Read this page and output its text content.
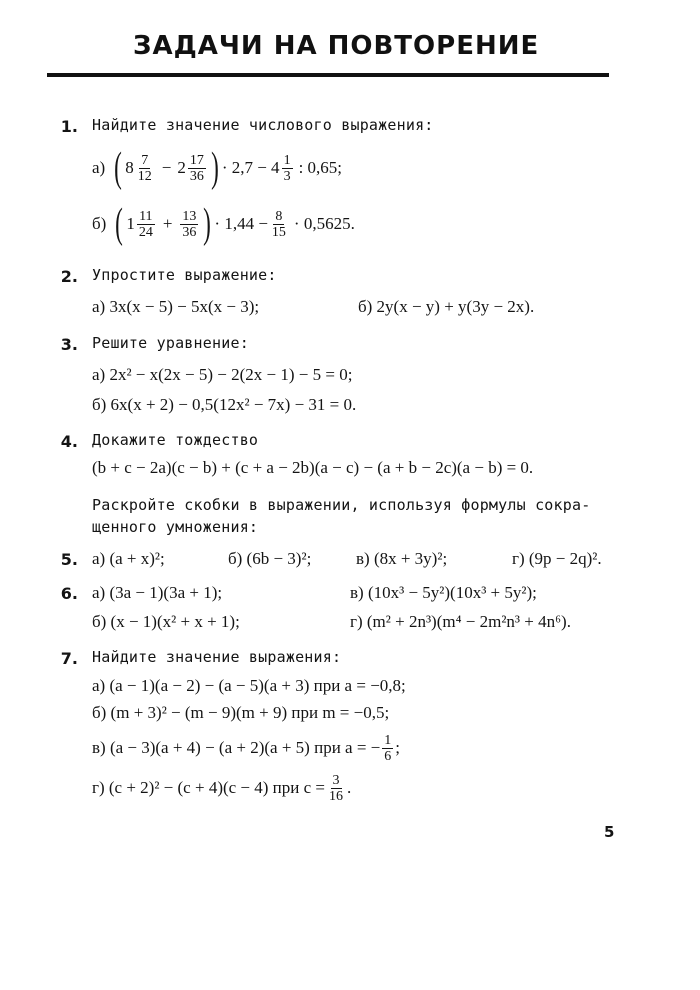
ЗАДАЧИ НА ПОВТОРЕНИЕ
1. Найдите значение числового выражения:
а) ( $8 \frac{7}{12} - 2 \frac{17}{36}$ ) · $2,7 - 4 \frac{1}{3}$ : 0,65;
б) ( $1 \frac{11}{24} + \frac{13}{36}$ ) · $1,44 - \frac{8}{15} \cdot 0,5625$.
2. Упростите выражение:
а) 3x(x − 5) − 5x(x − 3);	б) 2y(x − y) + y(3y − 2x).
3. Решите уравнение:
а) 2x² − x(2x − 5) − 2(2x − 1) − 5 = 0;
б) 6x(x + 2) − 0,5(12x² − 7x) − 31 = 0.
4. Докажите тождество
(b + c − 2a)(c − b) + (c + a − 2b)(a − c) − (a + b − 2c)(a − b) = 0.
Раскройте скобки в выражении, используя формулы сокра-
щенного умножения:
5. а) (a + x)²;	б) (6b − 3)²;	в) (8x + 3y)²;	г) (9p − 2q)².
6. а) (3a − 1)(3a + 1);	в) (10x³ − 5y²)(10x³ + 5y²);
б) (x − 1)(x² + x + 1);	г) (m² + 2n³)(m⁴ − 2m²n³ + 4n⁶).
7. Найдите значение выражения:
а) (a − 1)(a − 2) − (a − 5)(a + 3) при a = −0,8;
б) (m + 3)² − (m − 9)(m + 9) при m = −0,5;
в) (a − 3)(a + 4) − (a + 2)(a + 5) при a = − $\frac{1}{6}$ ;
г) (c + 2)² − (c + 4)(c − 4) при $c = \frac{3}{16}$ .
5
